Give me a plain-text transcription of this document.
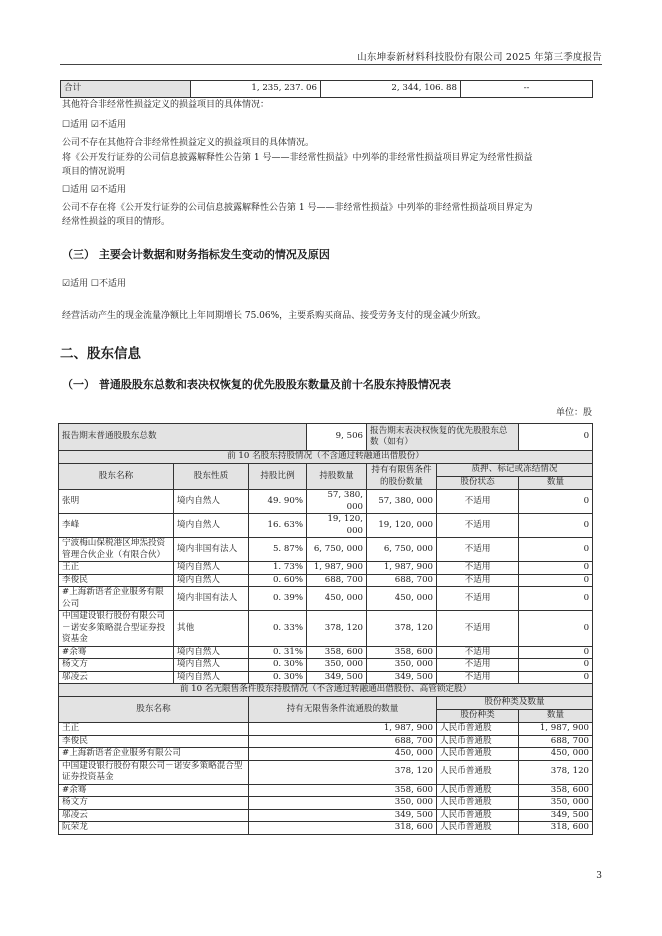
山东坤泰新材料科技股份有限公司 2025 年第三季度报告
合计	1, 235, 237. 06	2, 344, 106. 88	--
其他符合非经常性损益定义的损益项目的具体情况：
☐适用 ☑不适用
公司不存在其他符合非经常性损益定义的损益项目的具体情况。
将《公开发行证券的公司信息披露解释性公告第 1 号——非经常性损益》中列举的非经常性损益项目界定为经常性损益
项目的情况说明
☐适用 ☑不适用
公司不存在将《公开发行证券的公司信息披露解释性公告第 1 号——非经常性损益》中列举的非经常性损益项目界定为
经常性损益的项目的情形。
（三） 主要会计数据和财务指标发生变动的情况及原因
☑适用 ☐不适用
经营活动产生的现金流量净额比上年同期增长 75.06%，主要系购买商品、接受劳务支付的现金减少所致。
二、股东信息
（一） 普通股股东总数和表决权恢复的优先股股东数量及前十名股东持股情况表
单位：股
报告期末普通股股东总数			9, 506	报告期末表决权恢复的优先股股东总数（如有）		0
前 10 名股东持股情况（不含通过转融通出借股份）						
股东名称	股东性质	持股比例	持股数量	持有有限售条件的股份数量	质押、标记或冻结情况	
					股份状态	数量
张明	境内自然人	49. 90%	57, 380, 000	57, 380, 000	不适用	0
李峰	境内自然人	16. 63%	19, 120, 000	19, 120, 000	不适用	0
宁波梅山保税港区坤炁投资管理合伙企业（有限合伙）	境内非国有法人	5. 87%	6, 750, 000	6, 750, 000	不适用	0
王正	境内自然人	1. 73%	1, 987, 900	1, 987, 900	不适用	0
李俊民	境内自然人	0. 60%	688, 700	688, 700	不适用	0
#上海新语者企业服务有限公司	境内非国有法人	0. 39%	450, 000	450, 000	不适用	0
中国建设银行股份有限公司－诺安多策略混合型证券投资基金	其他	0. 33%	378, 120	378, 120	不适用	0
#余骞	境内自然人	0. 31%	358, 600	358, 600	不适用	0
杨文方	境内自然人	0. 30%	350, 000	350, 000	不适用	0
邬凌云	境内自然人	0. 30%	349, 500	349, 500	不适用	0
前 10 名无限售条件股东持股情况（不含通过转融通出借股份、高管锁定股）						
股东名称		持有无限售条件流通股的数量			股份种类及数量	
					股份种类	数量
王正		1, 987, 900			人民币普通股	1, 987, 900
李俊民		688, 700			人民币普通股	688, 700
#上海新语者企业服务有限公司		450, 000			人民币普通股	450, 000
中国建设银行股份有限公司－诺安多策略混合型证券投资基金		378, 120			人民币普通股	378, 120
#余骞		358, 600			人民币普通股	358, 600
杨文方		350, 000			人民币普通股	350, 000
邬凌云		349, 500			人民币普通股	349, 500
阮荣龙		318, 600			人民币普通股	318, 600
3
